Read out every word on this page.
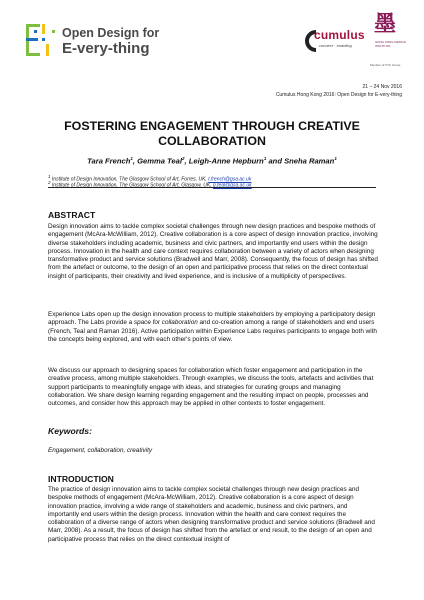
Open Design for
E-very-thing
cumulus
connect · enabling
墨
HONG KONG DESIGN INSTITUTE
Member of VTC Group
21 – 24 Nov 2016
Cumulus Hong Kong 2016: Open Design for E-very-thing
FOSTERING ENGAGEMENT THROUGH CREATIVE
COLLABORATION
Tara French$^1$, Gemma Teal$^2$, Leigh-Anne Hepburn$^1$ and Sneha Raman$^1$
$^1$ Institute of Design Innovation, The Glasgow School of Art, Forres, UK, t.french@gsa.ac.uk
$^2$ Institute of Design Innovation, The Glasgow School of Art, Glasgow, UK, g.teal@gsa.ac.uk
ABSTRACT
Design innovation aims to tackle complex societal challenges through new design practices and bespoke methods of engagement (McAra-McWilliam, 2012). Creative collaboration is a core aspect of design innovation practice, involving diverse stakeholders including academic, business and civic partners, and importantly end users within the design process. Innovation in the health and care context requires collaboration between a variety of actors when designing transformative product and service solutions (Bradwell and Marr, 2008). Consequently, the focus of design has shifted from the artefact or outcome, to the design of an open and participative process that relies on the direct contextual insight of participants, their creativity and lived experience, and is inclusive of a multiplicity of perspectives.
Experience Labs open up the design innovation process to multiple stakeholders by employing a participatory design approach. The Labs provide a space for collaboration and co-creation among a range of stakeholders and end users (French, Teal and Raman 2016). Active participation within Experience Labs requires participants to engage both with the concepts being explored, and with each other's points of view.
We discuss our approach to designing spaces for collaboration which foster engagement and participation in the creative process, among multiple stakeholders. Through examples, we discuss the tools, artefacts and activities that support participants to meaningfully engage with ideas, and strategies for curating groups and managing collaboration. We share design learning regarding engagement and the resulting impact on people, processes and outcomes, and consider how this approach may be applied in other contexts to foster engagement.
Keywords:
Engagement, collaboration, creativity
INTRODUCTION
The practice of design innovation aims to tackle complex societal challenges through new design practices and bespoke methods of engagement (McAra-McWilliam, 2012). Creative collaboration is a core aspect of design innovation practice, involving a wide range of stakeholders and academic, business and civic partners, and importantly end users within the design process. Innovation within the health and care context requires the collaboration of a diverse range of actors when designing transformative product and service solutions (Bradwell and Marr, 2008). As a result, the focus of design has shifted from the artefact or end result, to the design of an open and participative process that relies on the direct contextual insight of
